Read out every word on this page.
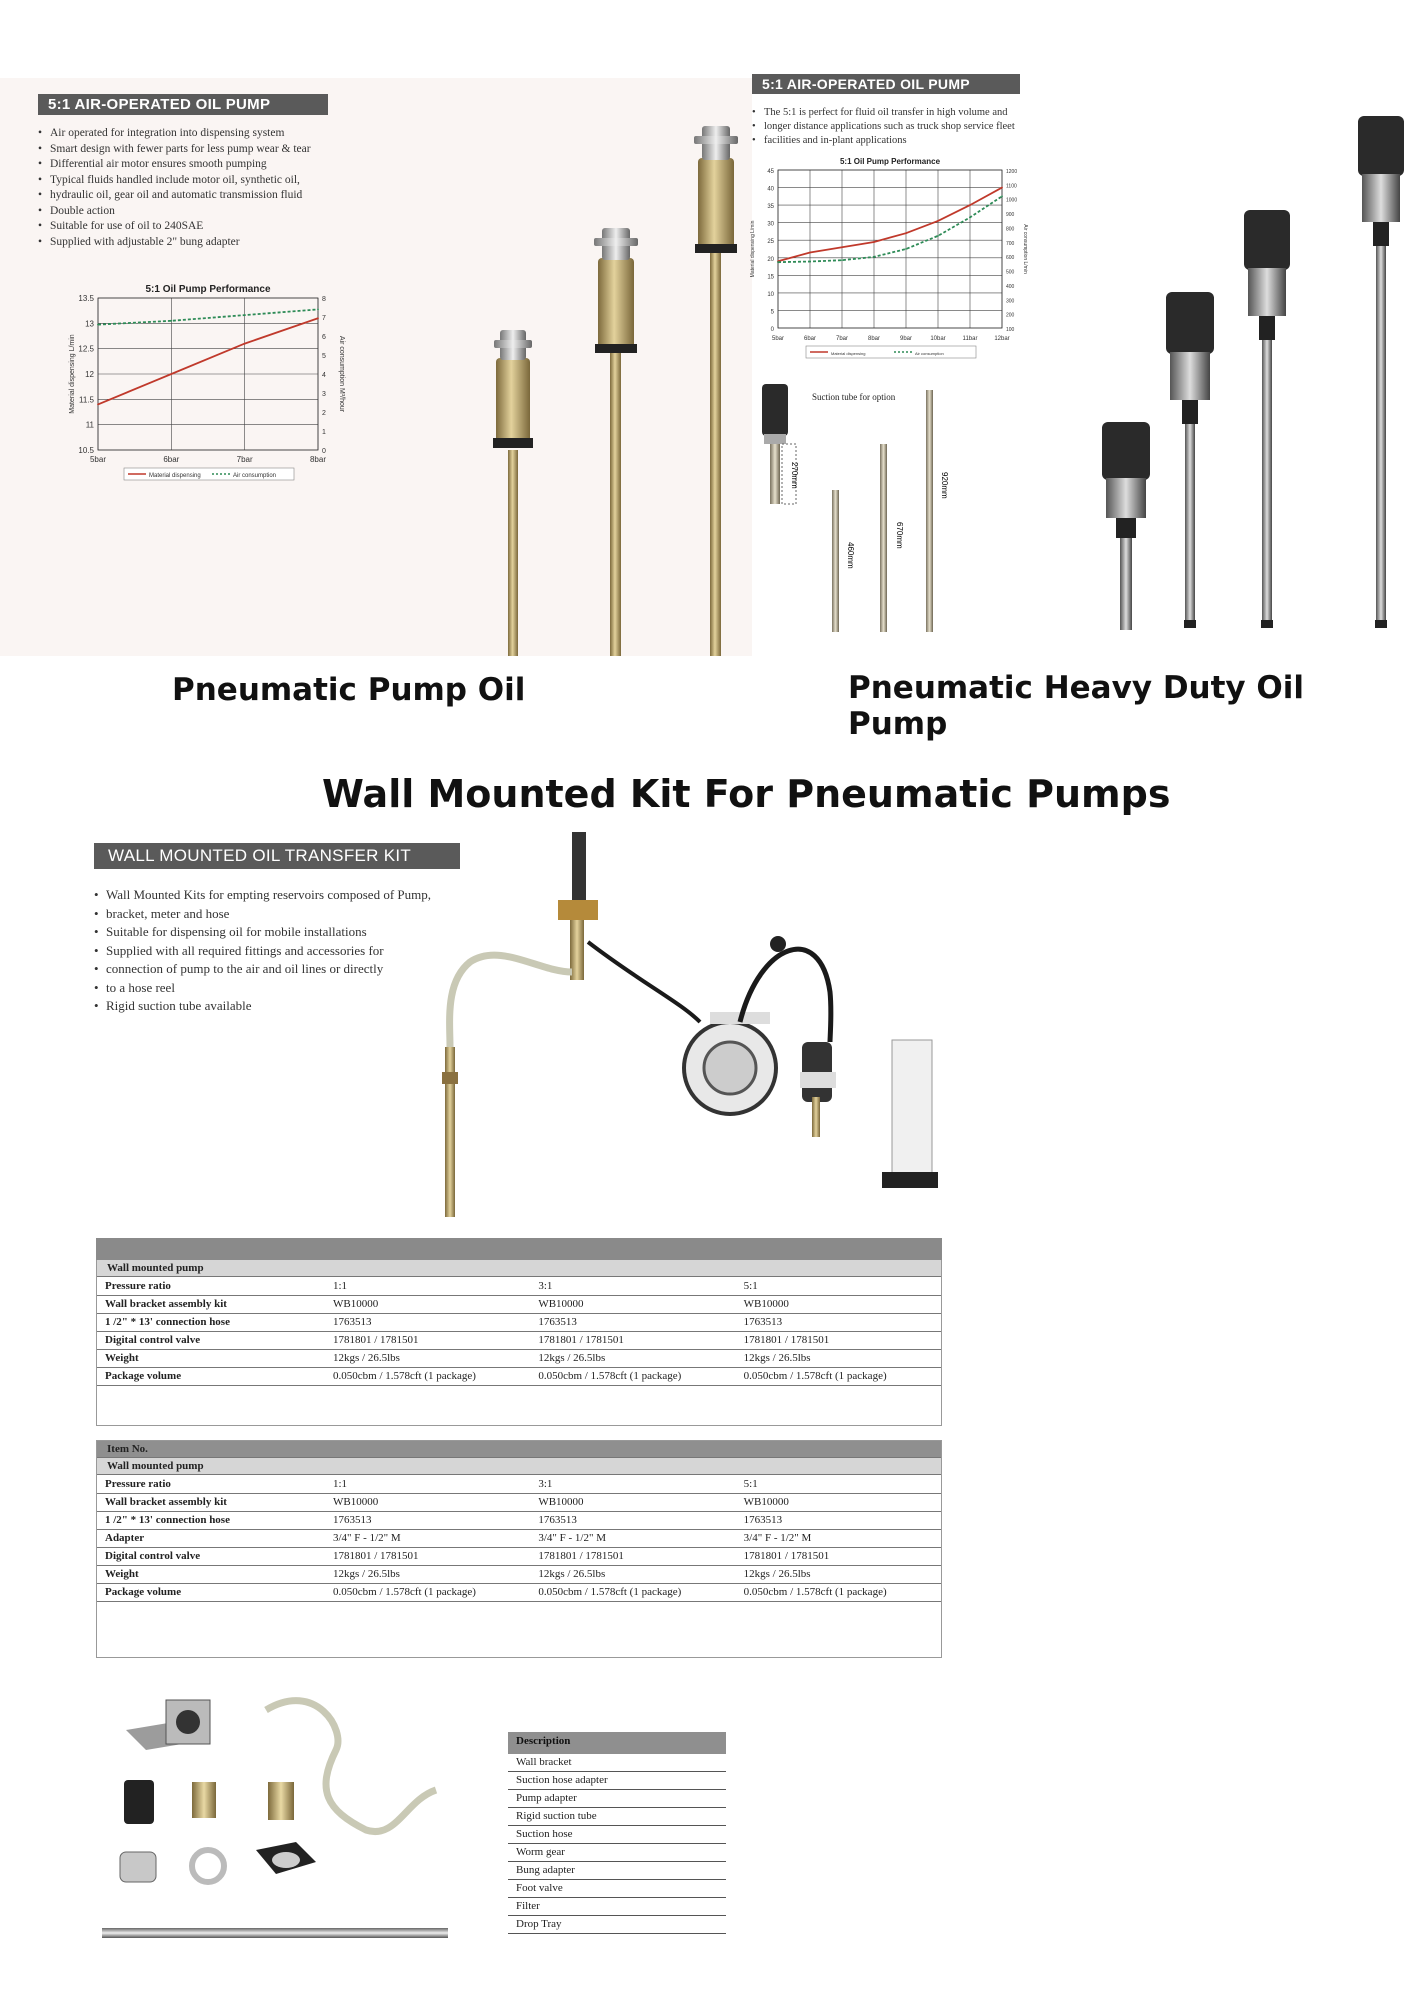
5:1 AIR-OPERATED OIL PUMP
• Air operated for integration into dispensing system
• Smart design with fewer parts for less pump wear & tear
• Differential air motor ensures smooth pumping
• Typical fluids handled include motor oil, synthetic oil,
• hydraulic oil, gear oil and automatic transmission fluid
• Double action
• Suitable for use of oil to 240SAE
• Supplied with adjustable 2" bung adapter
5:1 Oil Pump Performance
13.5
13
12.5
12
11.5
11
10.5
8
7
6
5
4
3
2
1
0
5bar	6bar	7bar	8bar
Material dispensing L/min	Air consumption M³/hour
Material dispensing	Air consumption
5:1 AIR-OPERATED OIL PUMP
• The 5:1 is perfect for fluid oil transfer in high volume and
• longer distance applications such as truck shop service fleet
• facilities and in-plant applications
5:1 Oil Pump Performance
45
40
35
30
25
20
15
10
5
0
1200
1100
1000
900
800
700
600
500
400
300
200
100
5bar	6bar	7bar	8bar	9bar	10bar	11bar	12bar
Material dispensing L/min	Air consumption L/min
Material dispensing	Air consumption
Suction tube for option
270mm
460mm
670mm
920mm
Pneumatic Pump Oil	Pneumatic Heavy Duty Oil Pump
Wall Mounted Kit For Pneumatic Pumps
WALL MOUNTED OIL TRANSFER KIT
• Wall Mounted Kits for empting reservoirs composed of Pump,
• bracket, meter and hose
• Suitable for dispensing oil for mobile installations
• Supplied with all required fittings and accessories for
• connection of pump to the air and oil lines or directly
• to a hose reel
• Rigid suction tube available
Wall mounted pump
Pressure ratio	1:1	3:1	5:1
Wall bracket assembly kit	WB10000	WB10000	WB10000
1 /2" * 13' connection hose	1763513	1763513	1763513
Digital control valve	1781801 / 1781501	1781801 / 1781501	1781801 / 1781501
Weight	12kgs / 26.5lbs	12kgs / 26.5lbs	12kgs / 26.5lbs
Package volume	0.050cbm / 1.578cft (1 package)	0.050cbm / 1.578cft (1 package)	0.050cbm / 1.578cft (1 package)
Item No.
Wall mounted pump
Pressure ratio	1:1	3:1	5:1
Wall bracket assembly kit	WB10000	WB10000	WB10000
1 /2" * 13' connection hose	1763513	1763513	1763513
Adapter	3/4" F - 1/2" M	3/4" F - 1/2" M	3/4" F - 1/2" M
Digital control valve	1781801 / 1781501	1781801 / 1781501	1781801 / 1781501
Weight	12kgs / 26.5lbs	12kgs / 26.5lbs	12kgs / 26.5lbs
Package volume	0.050cbm / 1.578cft (1 package)	0.050cbm / 1.578cft (1 package)	0.050cbm / 1.578cft (1 package)
Description
Wall bracket
Suction hose adapter
Pump adapter
Rigid suction tube
Suction hose
Worm gear
Bung adapter
Foot valve
Filter
Drop Tray
